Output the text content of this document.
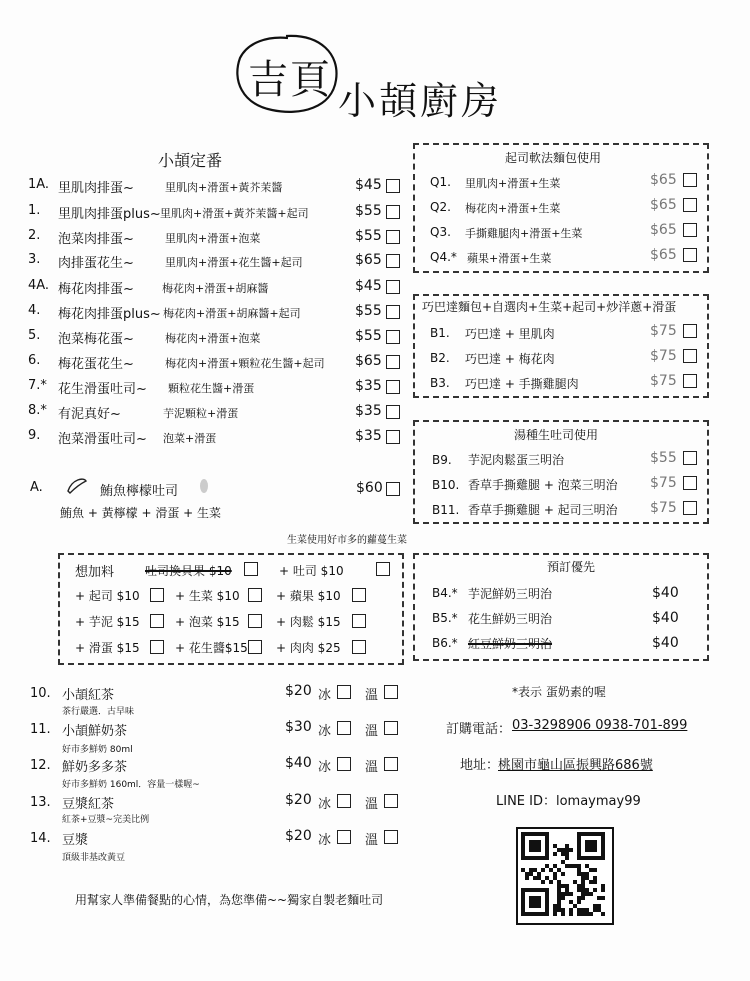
吉頁 小頡廚房
小頡定番
1A. 里肌肉排蛋~	里肌肉+滑蛋+黃芥茉醬	$45
1. 里肌肉排蛋plus~ 里肌肉+滑蛋+黃芥茉醬+起司	$55
2. 泡菜肉排蛋~	里肌肉+滑蛋+泡菜	$55
3. 肉排蛋花生~	里肌肉+滑蛋+花生醬+起司	$65
4A. 梅花肉排蛋~	梅花肉+滑蛋+胡麻醬	$45
4. 梅花肉排蛋plus~ 梅花肉+滑蛋+胡麻醬+起司	$55
5. 泡菜梅花蛋~	梅花肉+滑蛋+泡菜	$55
6. 梅花蛋花生~	梅花肉+滑蛋+顆粒花生醬+起司 $65
7.* 花生滑蛋吐司~ 顆粒花生醬+滑蛋	$35
8.* 有泥真好~	芋泥顆粒+滑蛋	$35
9. 泡菜滑蛋吐司~ 泡菜+滑蛋	$35
A.	鮪魚檸檬吐司	$60
鮪魚 + 黃檸檬 + 滑蛋 + 生菜
起司軟法麵包使用
Q1. 里肌肉+滑蛋+生菜	$65
Q2. 梅花肉+滑蛋+生菜	$65
Q3. 手撕雞腿肉+滑蛋+生菜	$65
Q4.* 蘋果+滑蛋+生菜	$65
巧巴達麵包+自選肉+生菜+起司+炒洋蔥+滑蛋
B1. 巧巴達 + 里肌肉	$75
B2. 巧巴達 + 梅花肉	$75
B3. 巧巴達 + 手撕雞腿肉	$75
湯種生吐司使用
B9. 芋泥肉鬆蛋三明治	$55
B10. 香草手撕雞腿 + 泡菜三明治 $75
B11. 香草手撕雞腿 + 起司三明治 $75
生菜使用好市多的蘿蔓生菜
想加料	吐司換貝果 $10	+ 吐司 $10
+ 起司 $10	+ 生菜 $10	+ 蘋果 $10
+ 芋泥 $15	+ 泡菜 $15	+ 肉鬆 $15
+ 滑蛋 $15	+ 花生醬$15 + 肉肉 $25
預訂優先
B4.* 芋泥鮮奶三明治	$40
B5.* 花生鮮奶三明治	$40
B6.* 紅豆鮮奶三明治	$40
10. 小頡紅茶
茶行嚴選．古早味
$20 冰	溫
11. 小頡鮮奶茶
好市多鮮奶 80ml
$30 冰	溫
12. 鮮奶多多茶
好市多鮮奶 160ml．容量一樣喔~
$40 冰	溫
13. 豆漿紅茶
紅茶+豆漿~完美比例
$20 冰	溫
14. 豆漿
頂級非基改黃豆
$20 冰	溫
*表示 蛋奶素的喔
訂購電話： 03-3298906 0938-701-899
地址：
桃園市龜山區振興路686號
LINE ID：lomaymay99
用幫家人準備餐點的心情，為您準備~~獨家自製老麵吐司
